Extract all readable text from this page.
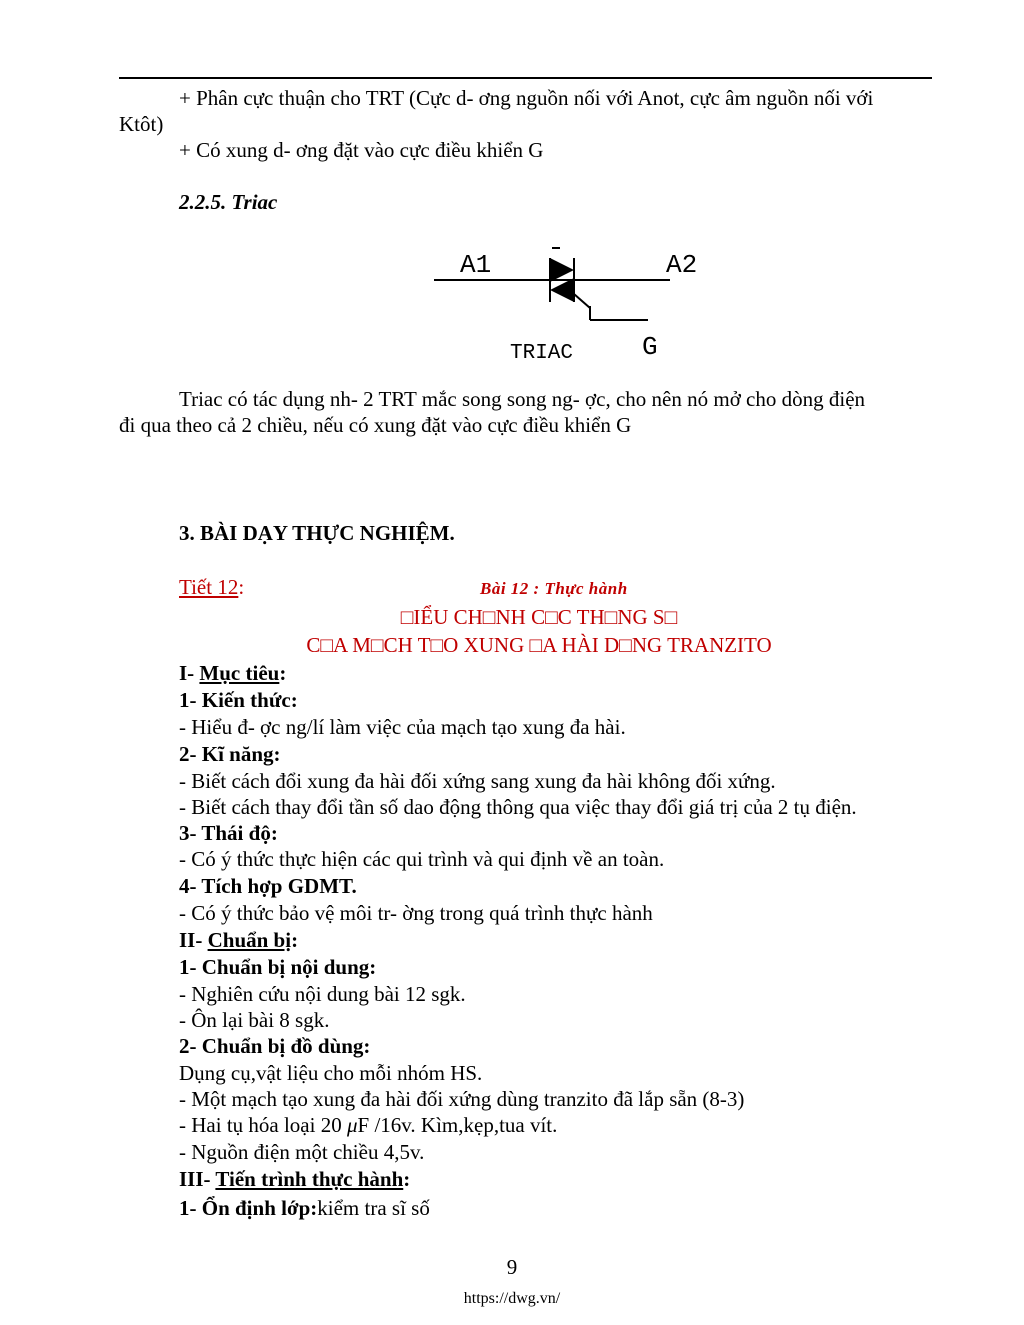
+ Phân cực thuận cho TRT (Cực d- ơng nguồn nối với Anot, cực âm nguồn nối với
Ktôt)
+ Có xung d- ơng đặt vào cực điều khiển G
2.2.5. Triac
A1	A2
G
TRIAC
Triac có tác dụng nh- 2 TRT mắc song song ng- ợc, cho nên nó mở cho dòng điện
đi qua theo cả 2 chiều, nếu có xung đặt vào cực điều khiển G
3. BÀI DẠY THỰC NGHIỆM.
Tiết 12:	Bài 12 : Thực hành
□IỂU CH□NH C□C TH□NG S□
C□A M□CH T□O XUNG □A HÀI D□NG TRANZITO
I- Mục tiêu:
1- Kiến thức:
- Hiểu đ- ợc ng/lí làm việc của mạch tạo xung đa hài.
2- Kĩ năng:
- Biết cách đổi xung đa hài đối xứng sang xung đa hài không đối xứng.
- Biết cách thay đổi tần số dao động thông qua việc thay đổi giá trị của 2 tụ điện.
3- Thái độ:
- Có ý thức thực hiện các qui trình và qui định về an toàn.
4- Tích hợp GDMT.
- Có ý thức bảo vệ môi tr- ờng trong quá trình thực hành
II- Chuẩn bị:
1- Chuẩn bị nội dung:
- Nghiên cứu nội dung bài 12 sgk.
- Ôn lại bài 8 sgk.
2- Chuẩn bị đồ dùng:
Dụng cụ,vật liệu cho mỗi nhóm HS.
- Một mạch tạo xung đa hài đối xứng dùng tranzito đã lắp sẵn (8-3)
- Hai tụ hóa loại 20 μF /16v. Kìm,kẹp,tua vít.
- Nguồn điện một chiều 4,5v.
III- Tiến trình thực hành:
1- Ổn định lớp:kiểm tra sĩ số
9
https://dwg.vn/
